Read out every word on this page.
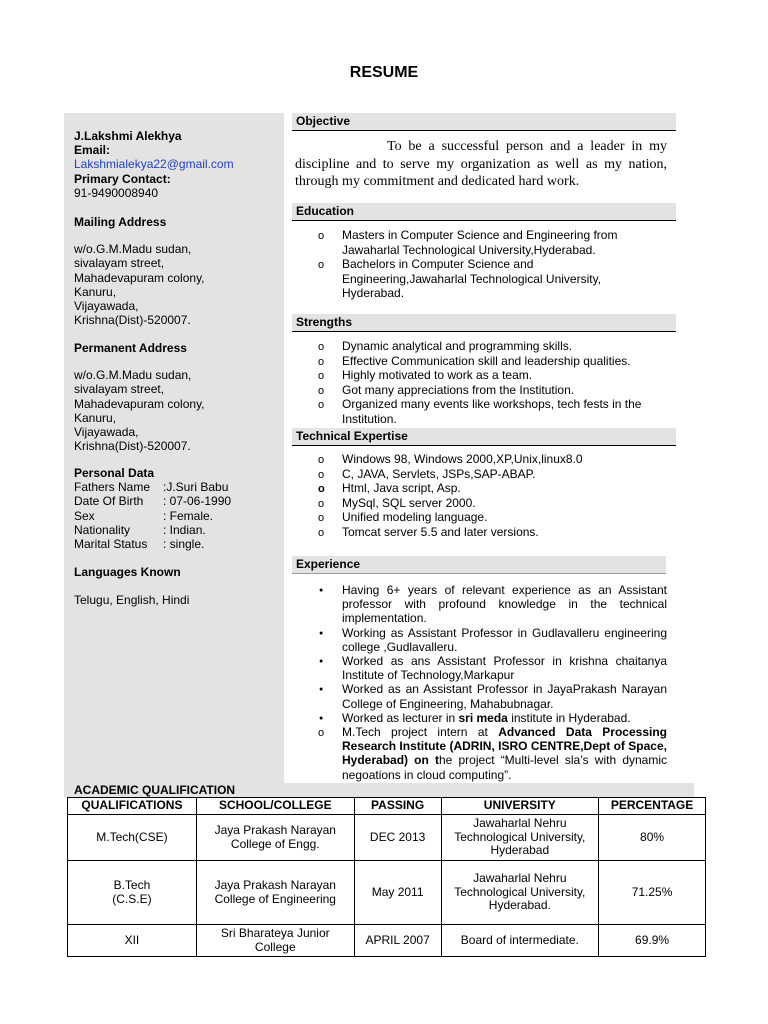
RESUME
J.Lakshmi Alekhya
Email:
Lakshmialekya22@gmail.com
Primary Contact:
91-9490008940
Mailing Address
w/o.G.M.Madu sudan,
sivalayam street,
Mahadevapuram colony,
Kanuru,
Vijayawada,
Krishna(Dist)-520007.
Permanent Address
w/o.G.M.Madu sudan,
sivalayam street,
Mahadevapuram colony,
Kanuru,
Vijayawada,
Krishna(Dist)-520007.
Personal Data
Fathers Name	:J.Suri Babu
Date Of Birth	: 07-06-1990
Sex	: Female.
Nationality	: Indian.
Marital Status	: single.
Languages Known
Telugu, English, Hindi
Objective
To be a successful person and a leader in my discipline and to serve my organization as well as my nation, through my commitment and dedicated hard work.
Education
o
Masters in Computer Science and Engineering from Jawaharlal Technological University,Hyderabad.
o
Bachelors in Computer Science and Engineering,Jawaharlal Technological University, Hyderabad.
Strengths
o
Dynamic analytical and programming skills.
o
Effective Communication skill and leadership qualities.
o
Highly motivated to work as a team.
o
Got many appreciations from the Institution.
o
Organized many events like workshops, tech fests in the Institution.
Technical Expertise
o
Windows 98, Windows 2000,XP,Unix,linux8.0
o
C, JAVA, Servlets, JSPs,SAP-ABAP.
o
Html, Java script, Asp.
o
MySql, SQL server 2000.
o
Unified modeling language.
o
Tomcat server 5.5 and later versions.
Experience
●
Having 6+ years of relevant experience as an Assistant professor with profound knowledge in the technical implementation.
●
Working as Assistant Professor in Gudlavalleru engineering college ,Gudlavalleru.
●
Worked as ans Assistant Professor in krishna chaitanya Institute of Technology,Markapur
●
Worked as an Assistant Professor in JayaPrakash Narayan College of Engineering, Mahabubnagar.
●
Worked as lecturer in sri meda institute in Hyderabad.
o
M.Tech project intern at Advanced Data Processing Research Institute (ADRIN, ISRO CENTRE,Dept of Space, Hyderabad) on the project “Multi-level sla’s with dynamic negoations in cloud computing”.
ACADEMIC QUALIFICATION
QUALIFICATIONS	SCHOOL/COLLEGE	PASSING	UNIVERSITY	PERCENTAGE
M.Tech(CSE)	Jaya Prakash Narayan College of Engg.	DEC 2013	Jawaharlal Nehru Technological University, Hyderabad	80%
B.Tech (C.S.E)	Jaya Prakash Narayan College of Engineering	May 2011	Jawaharlal Nehru Technological University, Hyderabad.	71.25%
XII	Sri Bharateya Junior College	APRIL 2007	Board of intermediate.	69.9%
